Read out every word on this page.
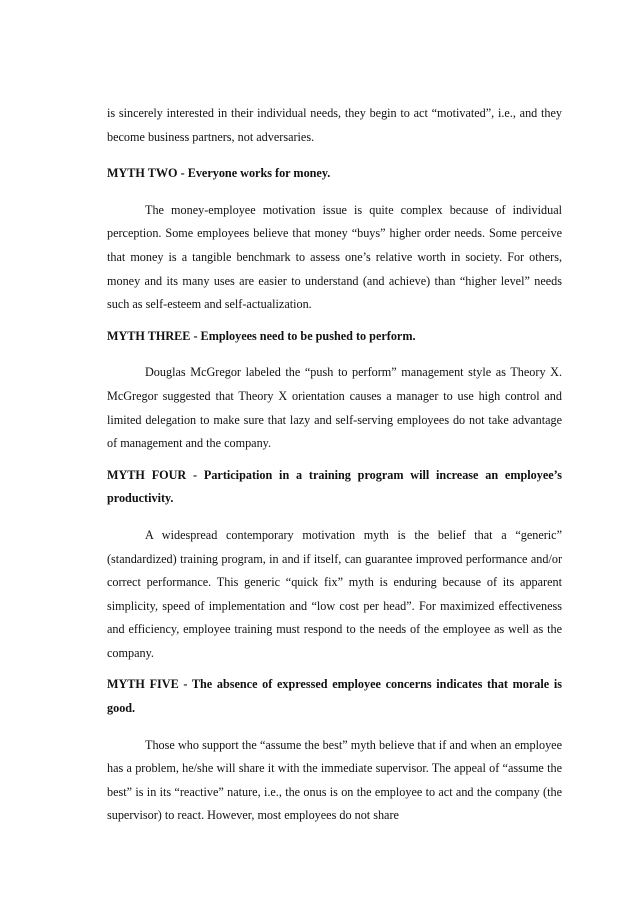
is sincerely interested in their individual needs, they begin to act “motivated”, i.e., and they become business partners, not adversaries.

MYTH TWO - Everyone works for money.

The money-employee motivation issue is quite complex because of individual perception. Some employees believe that money “buys” higher order needs. Some perceive that money is a tangible benchmark to assess one’s relative worth in society. For others, money and its many uses are easier to understand (and achieve) than “higher level” needs such as self-esteem and self-actualization.

MYTH THREE - Employees need to be pushed to perform.

Douglas McGregor labeled the “push to perform” management style as Theory X. McGregor suggested that Theory X orientation causes a manager to use high control and limited delegation to make sure that lazy and self-serving employees do not take advantage of management and the company.

MYTH FOUR - Participation in a training program will increase an employee’s productivity.

A widespread contemporary motivation myth is the belief that a “generic” (standardized) training program, in and if itself, can guarantee improved performance and/or correct performance. This generic “quick fix” myth is enduring because of its apparent simplicity, speed of implementation and “low cost per head”. For maximized effectiveness and efficiency, employee training must respond to the needs of the employee as well as the company.

MYTH FIVE - The absence of expressed employee concerns indicates that morale is good.

Those who support the “assume the best” myth believe that if and when an employee has a problem, he/she will share it with the immediate supervisor. The appeal of “assume the best” is in its “reactive” nature, i.e., the onus is on the employee to act and the company (the supervisor) to react. However, most employees do not share
